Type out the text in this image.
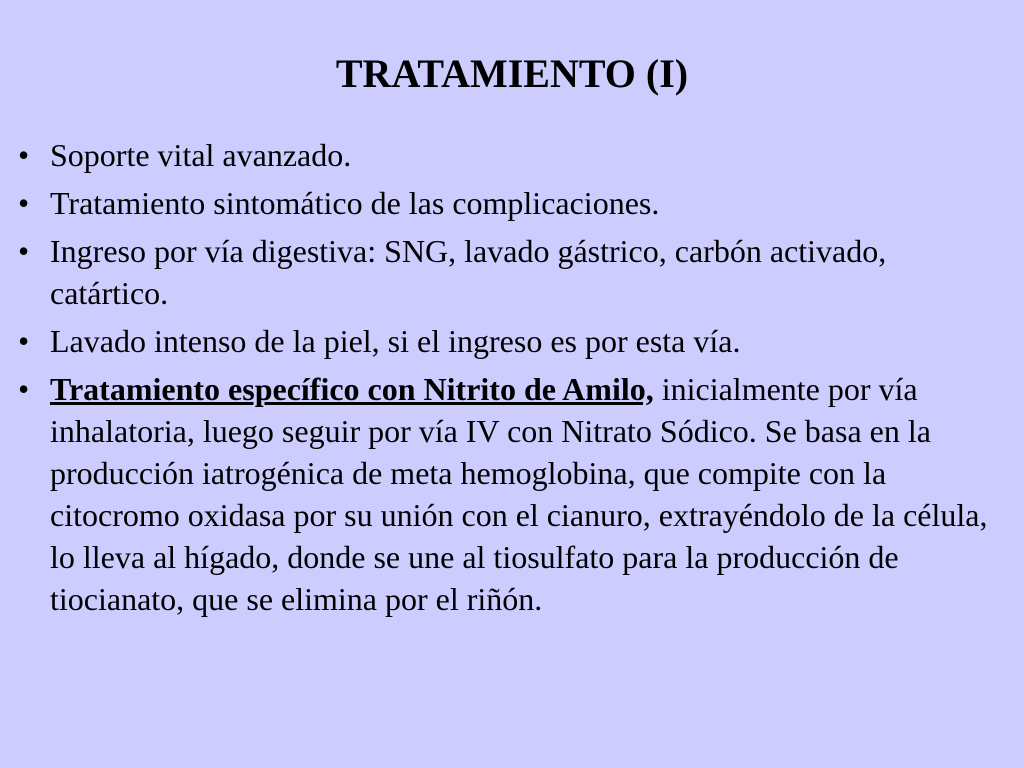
TRATAMIENTO (I)
• Soporte vital avanzado.
• Tratamiento sintomático de las complicaciones.
• Ingreso por vía digestiva: SNG, lavado gástrico, carbón activado, catártico.
• Lavado intenso de la piel, si el ingreso es por esta vía.
• Tratamiento específico con Nitrito de Amilo, inicialmente por vía inhalatoria, luego seguir por vía IV con Nitrato Sódico. Se basa en la producción iatrogénica de meta hemoglobina, que compite con la citocromo oxidasa por su unión con el cianuro, extrayéndolo de la célula, lo lleva al hígado, donde se une al tiosulfato para la producción de tiocianato, que se elimina por el riñón.
